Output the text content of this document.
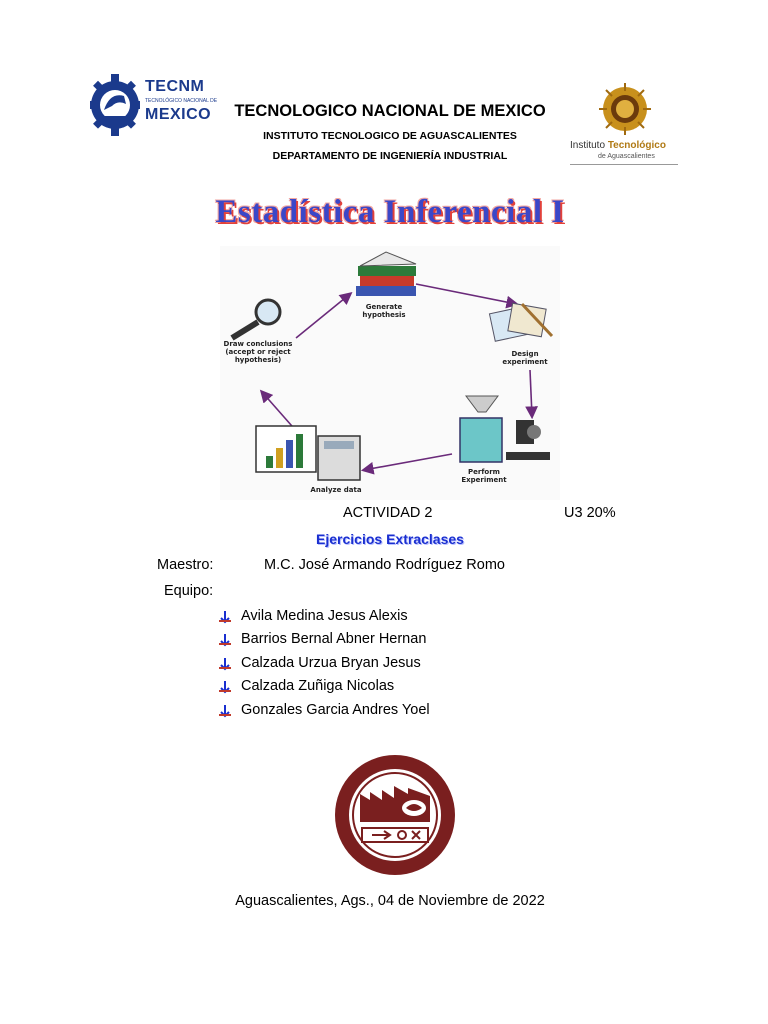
TECNM
TECNOLÓGICO NACIONAL DE
MEXICO	TECNOLOGICO NACIONAL DE MEXICO
INSTITUTO TECNOLOGICO DE AGUASCALIENTES
DEPARTAMENTO DE INGENIERÍA INDUSTRIAL
Instituto Tecnológico
de Aguascalientes
Estadística Inferencial I
Generate hypothesis
Design experiment
Perform Experiment
Analyze data
Draw conclusions (accept or reject hypothesis)
ACTIVIDAD 2	U3 20%
Ejercicios Extraclases
Maestro:	M.C. José Armando Rodríguez Romo
Equipo:
Avila Medina Jesus Alexis
Barrios Bernal Abner Hernan
Calzada Urzua Bryan Jesus
Calzada Zuñiga Nicolas
Gonzales Garcia Andres Yoel
Aguascalientes, Ags., 04 de Noviembre de 2022
